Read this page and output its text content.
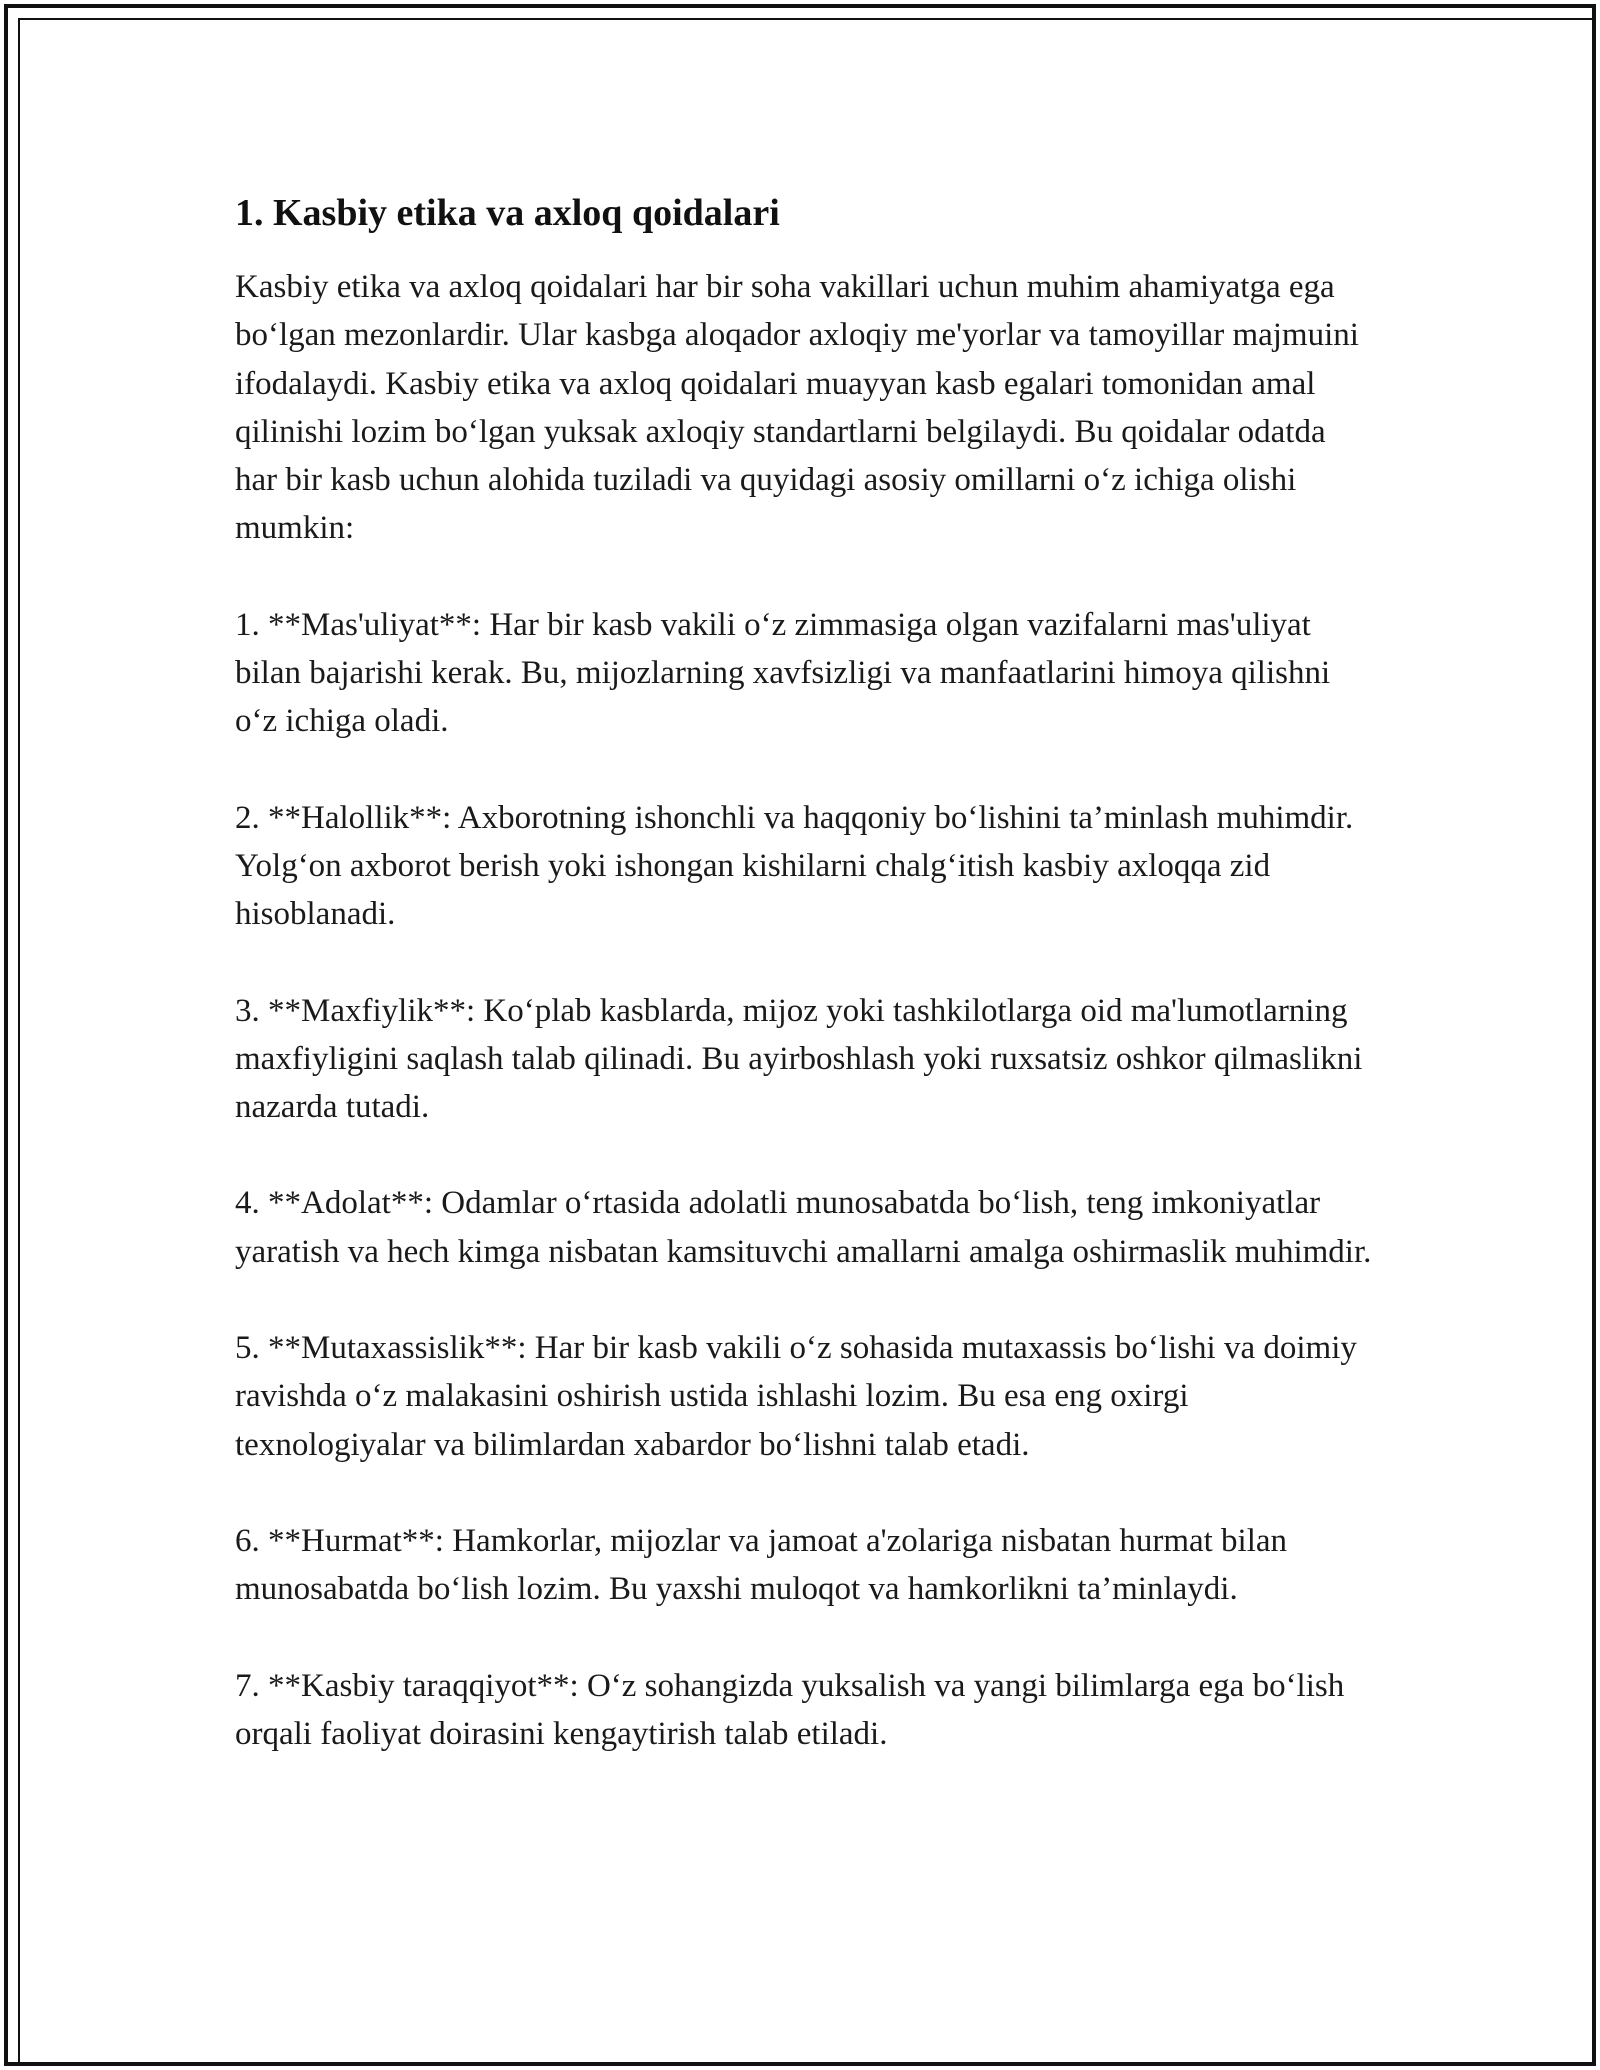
1. Kasbiy etika va axloq qoidalari

Kasbiy etika va axloq qoidalari har bir soha vakillari uchun muhim ahamiyatga ega bo‘lgan mezonlardir. Ular kasbga aloqador axloqiy me'yorlar va tamoyillar majmuini ifodalaydi. Kasbiy etika va axloq qoidalari muayyan kasb egalari tomonidan amal qilinishi lozim bo‘lgan yuksak axloqiy standartlarni belgilaydi. Bu qoidalar odatda har bir kasb uchun alohida tuziladi va quyidagi asosiy omillarni o‘z ichiga olishi mumkin:

1. **Mas'uliyat**: Har bir kasb vakili o‘z zimmasiga olgan vazifalarni mas'uliyat bilan bajarishi kerak. Bu, mijozlarning xavfsizligi va manfaatlarini himoya qilishni o‘z ichiga oladi.

2. **Halollik**: Axborotning ishonchli va haqqoniy bo‘lishini ta’minlash muhimdir. Yolg‘on axborot berish yoki ishongan kishilarni chalg‘itish kasbiy axloqqa zid hisoblanadi.

3. **Maxfiylik**: Ko‘plab kasblarda, mijoz yoki tashkilotlarga oid ma'lumotlarning maxfiyligini saqlash talab qilinadi. Bu ayirboshlash yoki ruxsatsiz oshkor qilmaslikni nazarda tutadi.

4. **Adolat**: Odamlar o‘rtasida adolatli munosabatda bo‘lish, teng imkoniyatlar yaratish va hech kimga nisbatan kamsituvchi amallarni amalga oshirmaslik muhimdir.

5. **Mutaxassislik**: Har bir kasb vakili o‘z sohasida mutaxassis bo‘lishi va doimiy ravishda o‘z malakasini oshirish ustida ishlashi lozim. Bu esa eng oxirgi texnologiyalar va bilimlardan xabardor bo‘lishni talab etadi.

6. **Hurmat**: Hamkorlar, mijozlar va jamoat a'zolariga nisbatan hurmat bilan munosabatda bo‘lish lozim. Bu yaxshi muloqot va hamkorlikni ta’minlaydi.

7. **Kasbiy taraqqiyot**: O‘z sohangizda yuksalish va yangi bilimlarga ega bo‘lish orqali faoliyat doirasini kengaytirish talab etiladi.
